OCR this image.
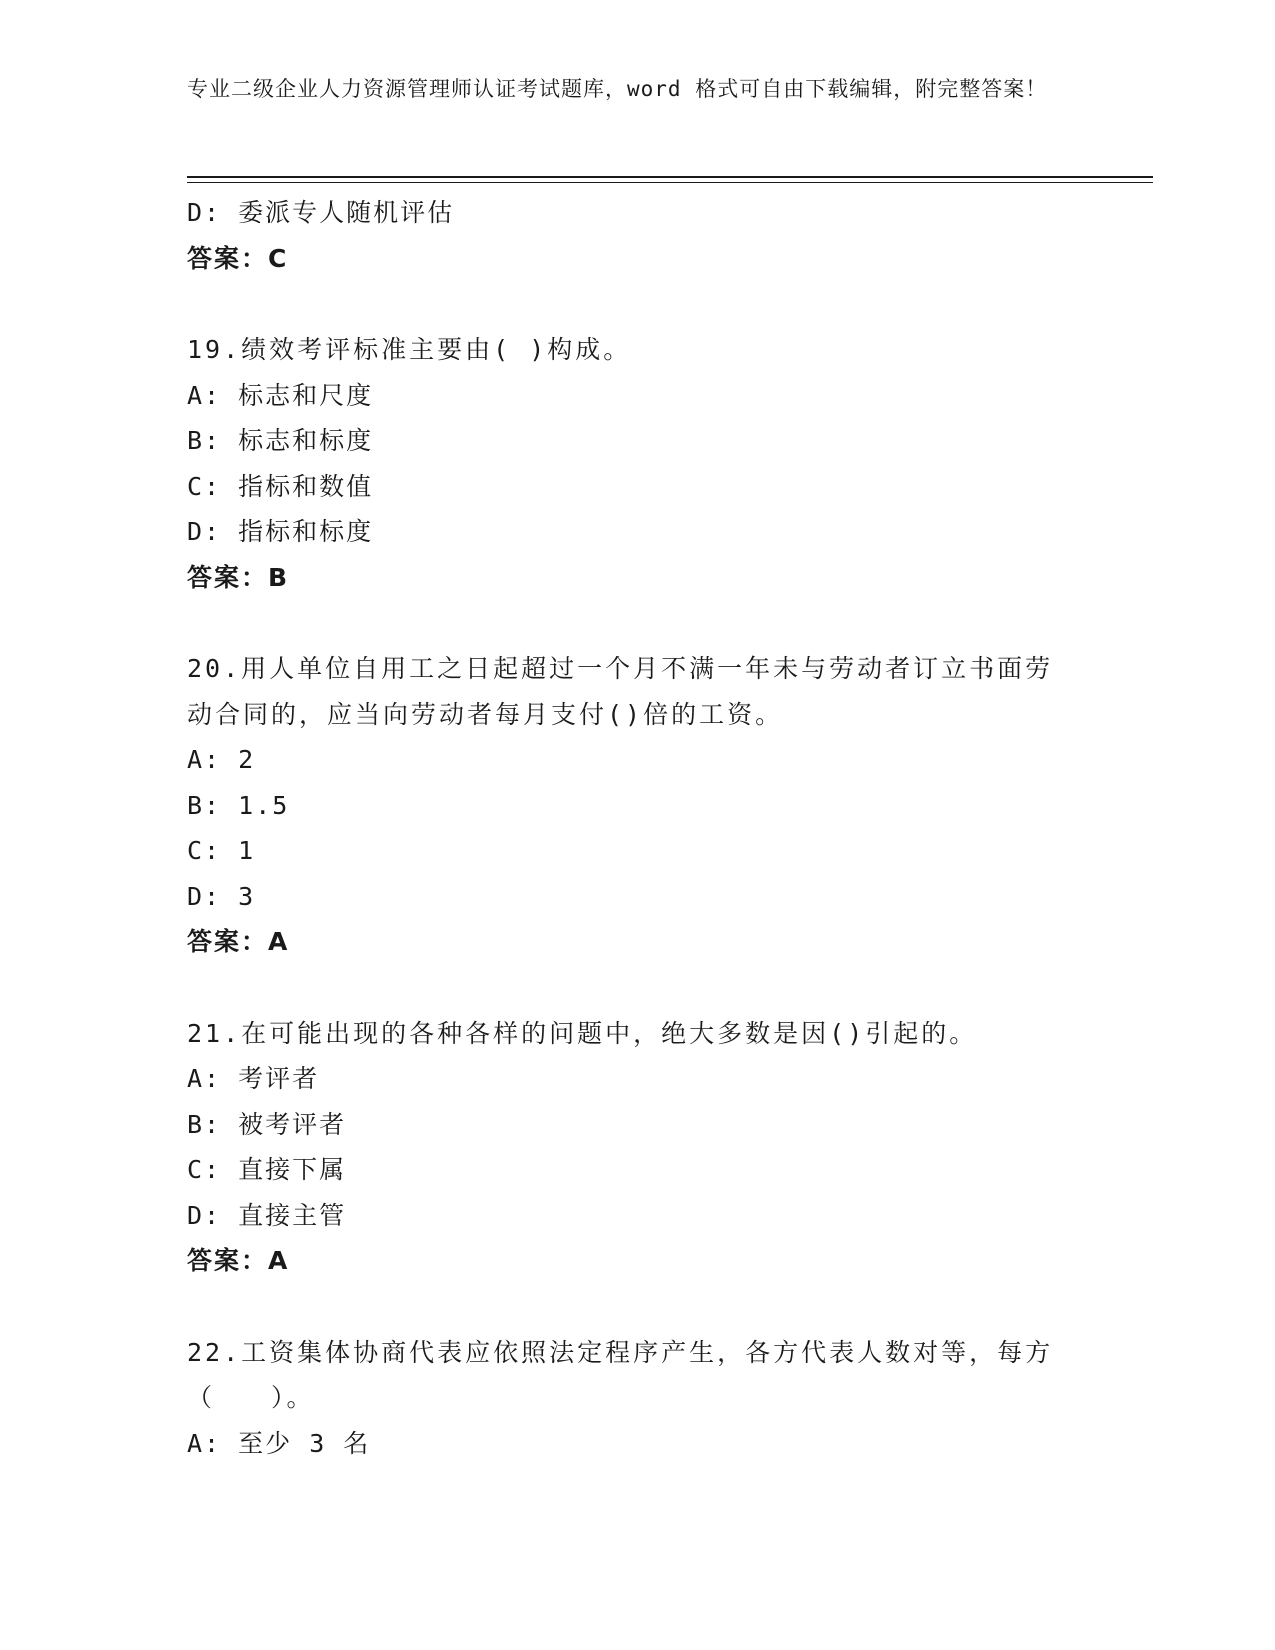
专业二级企业人力资源管理师认证考试题库，word 格式可自由下载编辑，附完整答案！
D: 委派专人随机评估
答案：C
19.绩效考评标准主要由( )构成。
A: 标志和尺度
B: 标志和标度
C: 指标和数值
D: 指标和标度
答案：B
20.用人单位自用工之日起超过一个月不满一年未与劳动者订立书面劳动合同的，应当向劳动者每月支付()倍的工资。
A: 2
B: 1.5
C: 1
D: 3
答案：A
21.在可能出现的各种各样的问题中，绝大多数是因()引起的。
A: 考评者
B: 被考评者
C: 直接下属
D: 直接主管
答案：A
22.工资集体协商代表应依照法定程序产生，各方代表人数对等，每方（　　）。
A: 至少 3 名
